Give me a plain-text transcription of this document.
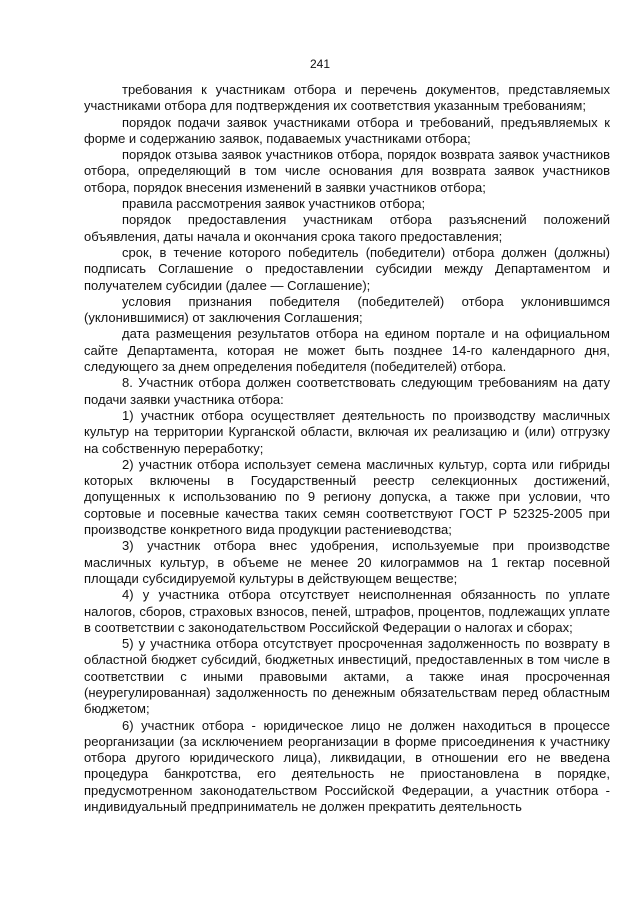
241

требования к участникам отбора и перечень документов, представляемых участниками отбора для подтверждения их соответствия указанным требованиям;

порядок подачи заявок участниками отбора и требований, предъявляемых к форме и содержанию заявок, подаваемых участниками отбора;

порядок отзыва заявок участников отбора, порядок возврата заявок участников отбора, определяющий в том числе основания для возврата заявок участников отбора, порядок внесения изменений в заявки участников отбора;

правила рассмотрения заявок участников отбора;

порядок предоставления участникам отбора разъяснений положений объявления, даты начала и окончания срока такого предоставления;

срок, в течение которого победитель (победители) отбора должен (должны) подписать Соглашение о предоставлении субсидии между Департаментом и получателем субсидии (далее — Соглашение);

условия признания победителя (победителей) отбора уклонившимся (уклонившимися) от заключения Соглашения;

дата размещения результатов отбора на едином портале и на официальном сайте Департамента, которая не может быть позднее 14-го календарного дня, следующего за днем определения победителя (победителей) отбора.

8. Участник отбора должен соответствовать следующим требованиям на дату подачи заявки участника отбора:

1) участник отбора осуществляет деятельность по производству масличных культур на территории Курганской области, включая их реализацию и (или) отгрузку на собственную переработку;

2) участник отбора использует семена масличных культур, сорта или гибриды которых включены в Государственный реестр селекционных достижений, допущенных к использованию по 9 региону допуска, а также при условии, что сортовые и посевные качества таких семян соответствуют ГОСТ Р 52325-2005 при производстве конкретного вида продукции растениеводства;

3) участник отбора внес удобрения, используемые при производстве масличных культур, в объеме не менее 20 килограммов на 1 гектар посевной площади субсидируемой культуры в действующем веществе;

4) у участника отбора отсутствует неисполненная обязанность по уплате налогов, сборов, страховых взносов, пеней, штрафов, процентов, подлежащих уплате в соответствии с законодательством Российской Федерации о налогах и сборах;

5) у участника отбора отсутствует просроченная задолженность по возврату в областной бюджет субсидий, бюджетных инвестиций, предоставленных в том числе в соответствии с иными правовыми актами, а также иная просроченная (неурегулированная) задолженность по денежным обязательствам перед областным бюджетом;

6) участник отбора - юридическое лицо не должен находиться в процессе реорганизации (за исключением реорганизации в форме присоединения к участнику отбора другого юридического лица), ликвидации, в отношении его не введена процедура банкротства, его деятельность не приостановлена в порядке, предусмотренном законодательством Российской Федерации, а участник отбора - индивидуальный предприниматель не должен прекратить деятельность
